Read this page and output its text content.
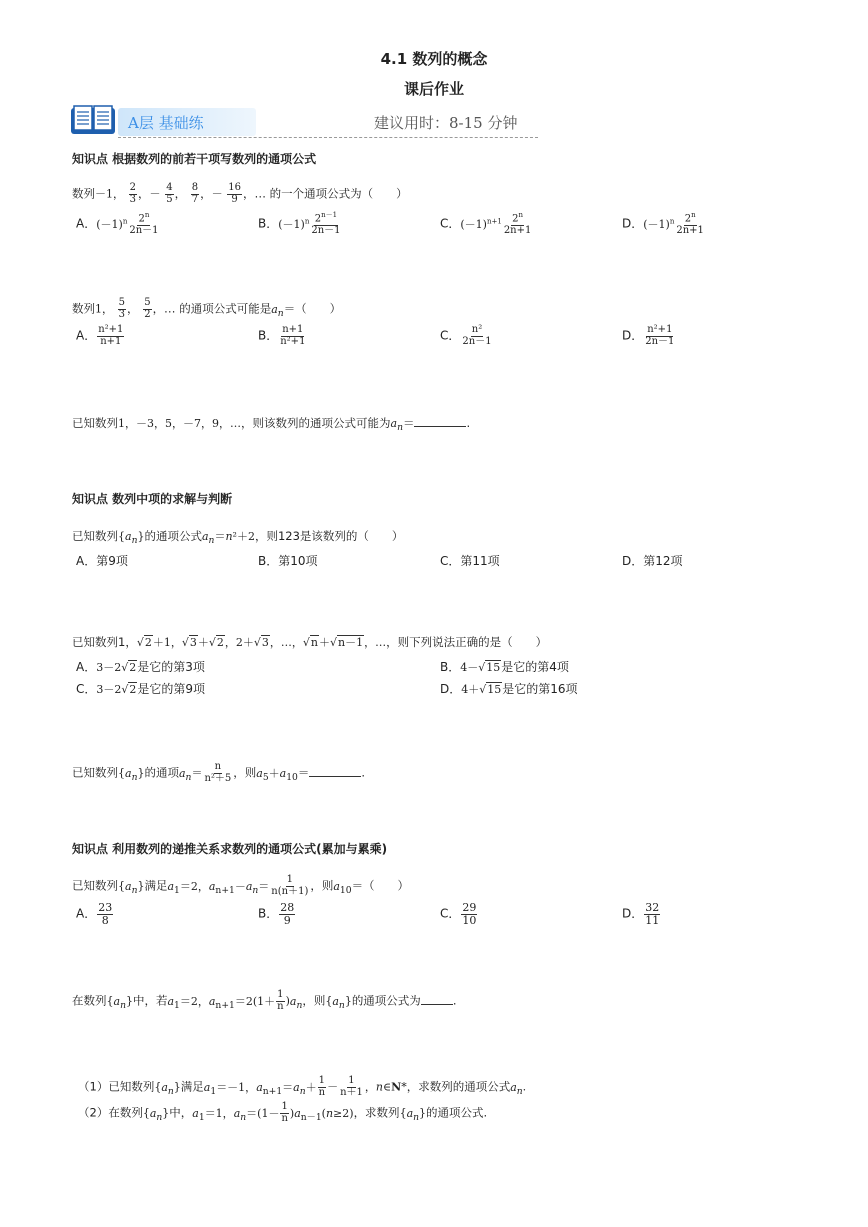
4.1 数列的概念
课后作业
A层 基础练	建议用时：8-15 分钟
知识点 根据数列的前若干项写数列的通项公式
数列－1， $\frac{2}{3}$ ，－ $\frac{4}{5}$ ， $\frac{8}{7}$ ，－ $\frac{16}{9}$ ，… 的一个通项公式为（　　）
A．$(-1)^n \frac{2^n}{2n-1}$	B．$(-1)^n \frac{2^{n-1}}{2n-1}$	C．$(-1)^{n+1} \frac{2^n}{2n+1}$	D．$(-1)^n \frac{2^n}{2n+1}$
数列1， $\frac{5}{3}$ ， $\frac{5}{2}$ ，… 的通项公式可能是$a_n=$（　　）
A． $\frac{\text{n²+1}}{n+1}$	B． $\frac{n+1}{\text{n²+1}}$	C． $\frac{\text{n²}}{2n-1}$	D． $\frac{\text{n²+1}}{2n-1}$
已知数列1，－3，5，－7，9，…，则该数列的通项公式可能为$a_n=$	.
知识点 数列中项的求解与判断
已知数列$\{a_n\}$的通项公式$a_n=n^2+2$，则123是该数列的（　　）
A．第9项	B．第10项	C．第11项	D．第12项
已知数列1，√2＋1，√3＋√2，2＋√3，…，√n＋√n－1，…，则下列说法正确的是（　　）
A．3－2√2是它的第3项	B．4－√15是它的第4项
C．3－2√2是它的第9项	D．4＋√15是它的第16项
已知数列$\{a_n\}$的通项$a_n= \frac{n}{\text{n²＋5}}$ ，则$a_5+a_{10}=$	.
知识点 利用数列的递推关系求数列的通项公式(累加与累乘)
已知数列$\{a_n\}$满足$a_1=2$，$a_{n+1}-a_n= \frac{1}{n(n+1)}$ ，则$a_{10}=$（　　）
A． $\frac{23}{8}$	B． $\frac{28}{9}$	C． $\frac{29}{10}$	D． $\frac{32}{11}$
在数列$\{a_n\}$中，若$a_1=2$，$a_{n+1}=2(1+ \frac{1}{n} )a_n$，则$\{a_n\}$的通项公式为	.
（1）已知数列$\{a_n\}$满足$a_1=-1$，$a_{n+1}=a_n+ \frac{1}{n} - \frac{1}{n+1}$ ，n∈N*，求数列的通项公式$a_n$.
（2）在数列$\{a_n\}$中，$a_1=1$，$a_n=(1- \frac{1}{n} )a_{n-1}(n\ge 2)$，求数列$\{a_n\}$的通项公式.
